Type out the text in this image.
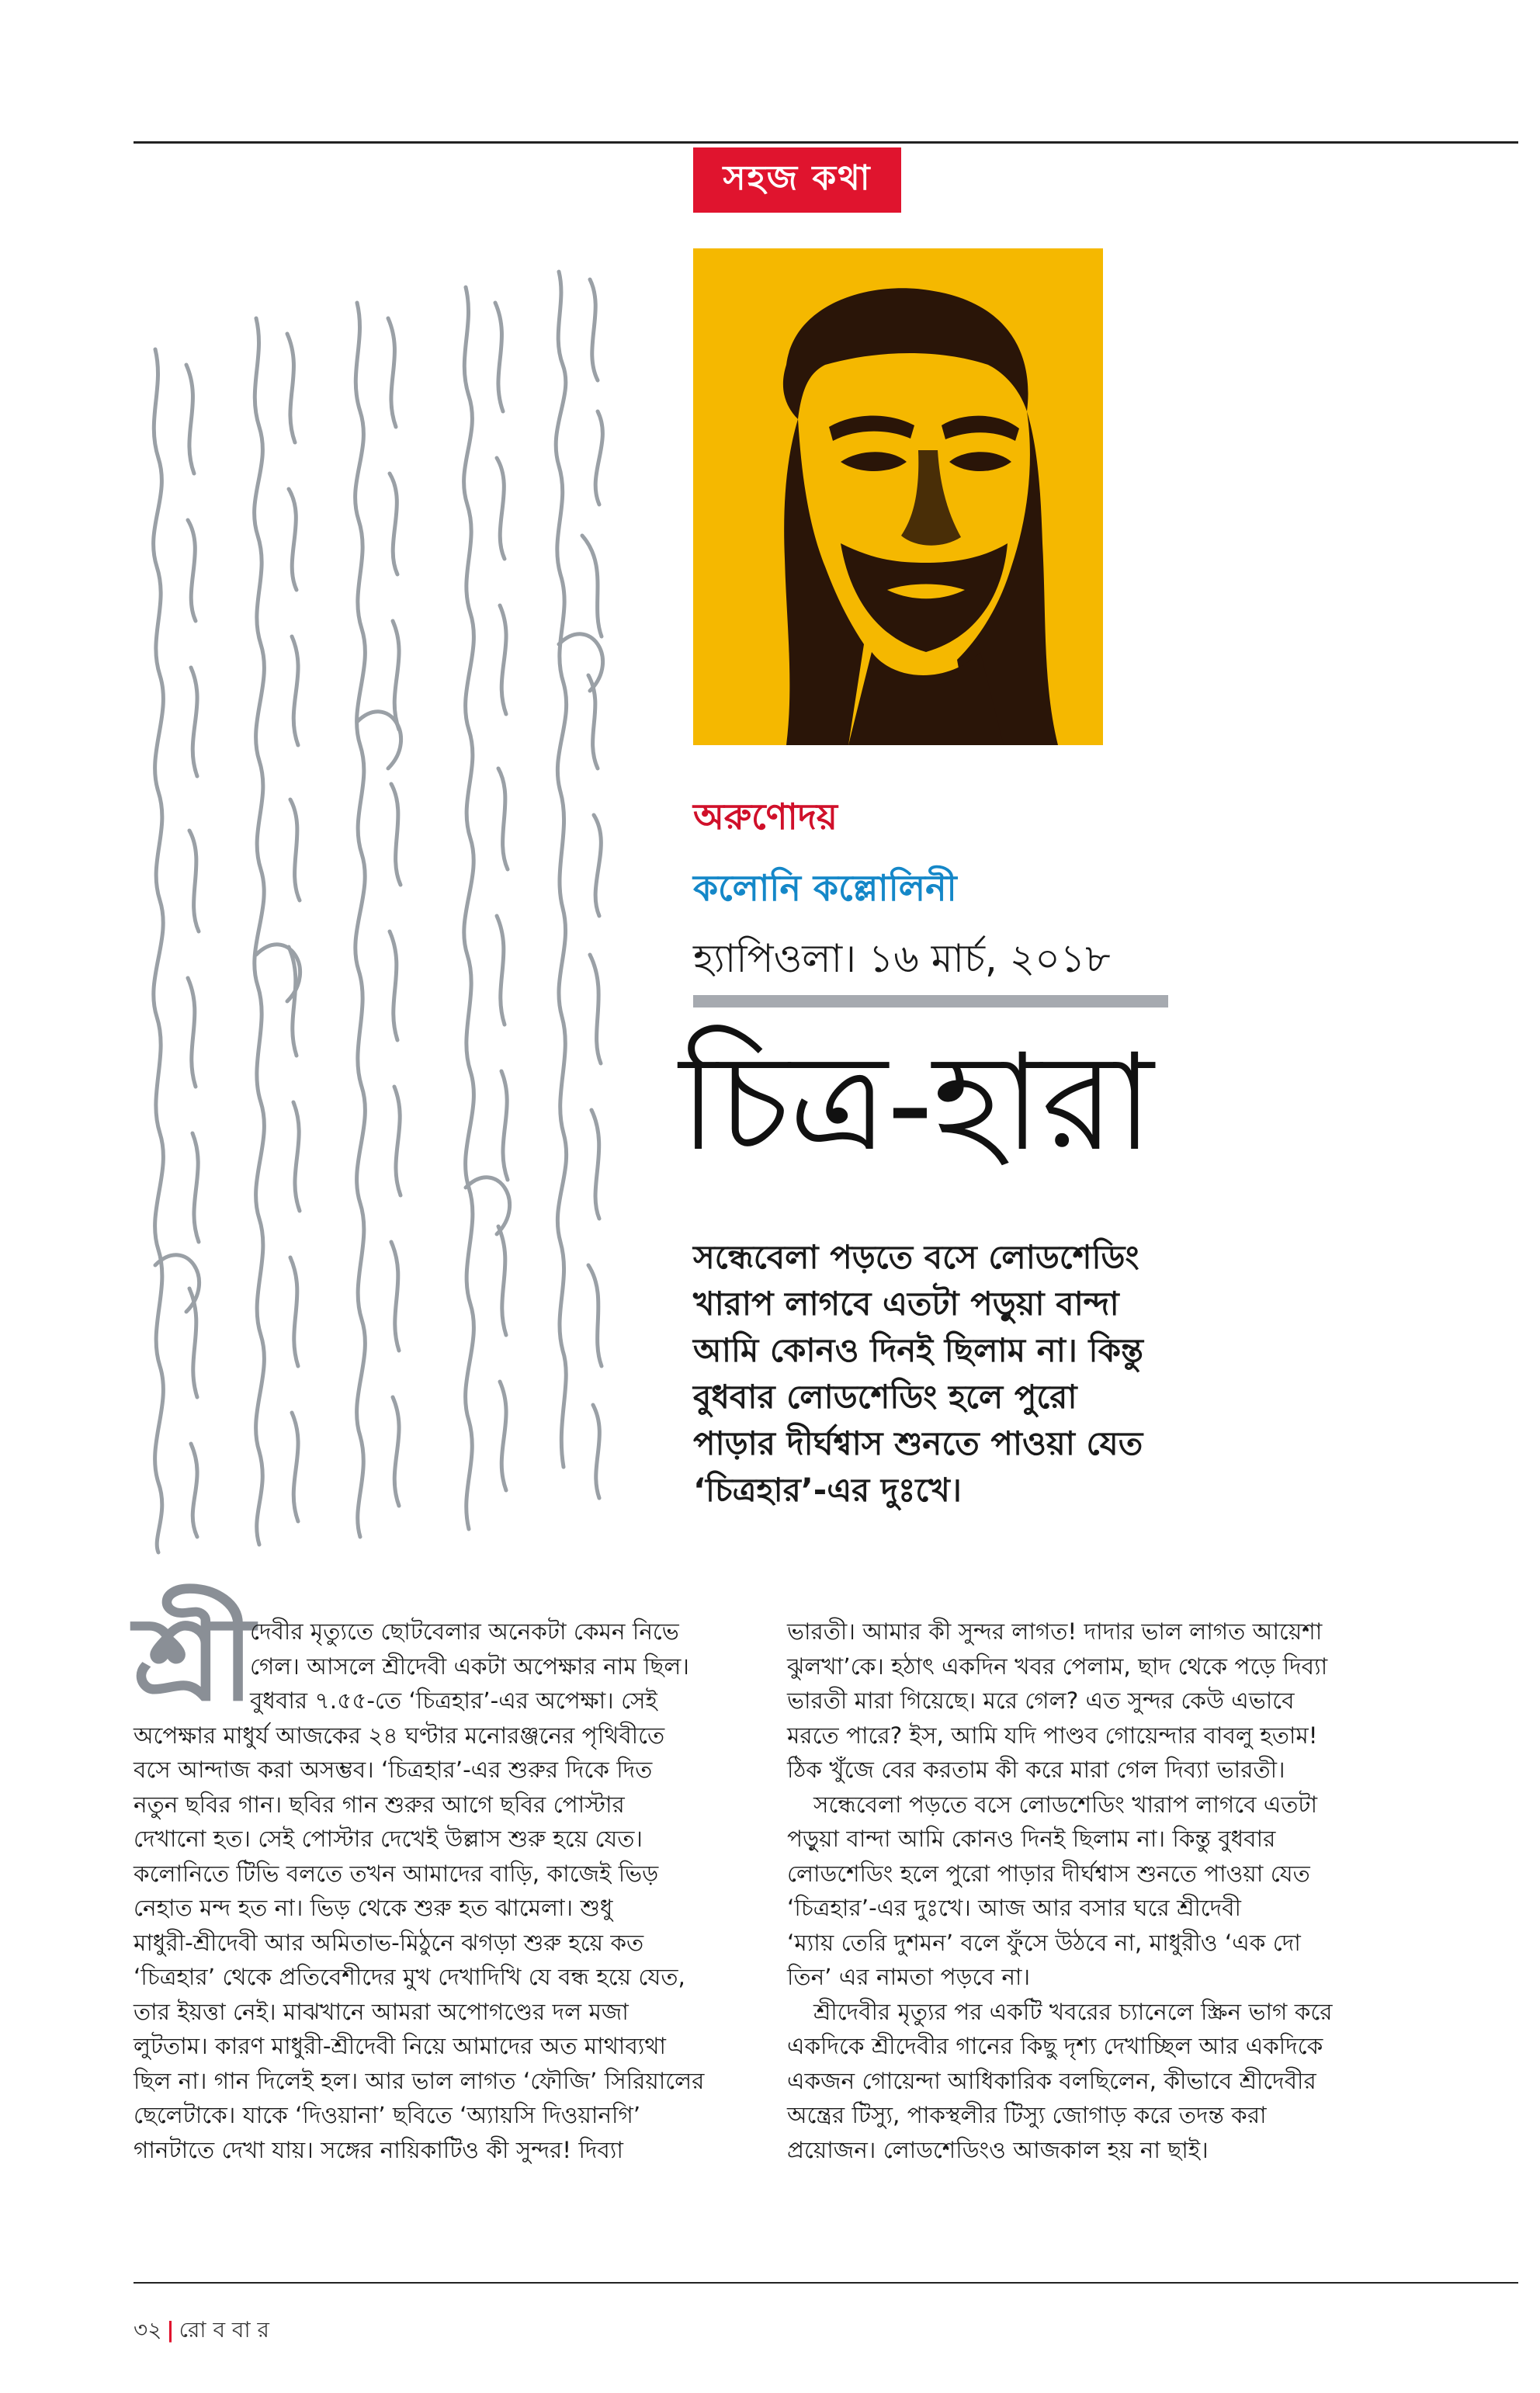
সহজ কথা
অরুণোদয়
কলোনি কল্লোলিনী
হ্যাপিওলা। ১৬ মার্চ, ২০১৮
চিত্র-হারা
সন্ধেবেলা পড়তে বসে লোডশেডিং
খারাপ লাগবে এতটা পড়ুয়া বান্দা
আমি কোনও দিনই ছিলাম না। কিন্তু
বুধবার লোডশেডিং হলে পুরো
পাড়ার দীর্ঘশ্বাস শুনতে পাওয়া যেত
‘চিত্রহার’-এর দুঃখে।
শ্রী
দেবীর মৃত্যুতে ছোটবেলার অনেকটা কেমন নিভে
গেল। আসলে শ্রীদেবী একটা অপেক্ষার নাম ছিল।
বুধবার ৭.৫৫-তে ‘চিত্রহার’-এর অপেক্ষা। সেই
অপেক্ষার মাধুর্য আজকের ২৪ ঘণ্টার মনোরঞ্জনের পৃথিবীতে
বসে আন্দাজ করা অসম্ভব। ‘চিত্রহার’-এর শুরুর দিকে দিত
নতুন ছবির গান। ছবির গান শুরুর আগে ছবির পোস্টার
দেখানো হত। সেই পোস্টার দেখেই উল্লাস শুরু হয়ে যেত।
কলোনিতে টিভি বলতে তখন আমাদের বাড়ি, কাজেই ভিড়
নেহাত মন্দ হত না। ভিড় থেকে শুরু হত ঝামেলা। শুধু
মাধুরী-শ্রীদেবী আর অমিতাভ-মিঠুনে ঝগড়া শুরু হয়ে কত
‘চিত্রহার’ থেকে প্রতিবেশীদের মুখ দেখাদিখি যে বন্ধ হয়ে যেত,
তার ইয়ত্তা নেই। মাঝখানে আমরা অপোগণ্ডের দল মজা
লুটতাম। কারণ মাধুরী-শ্রীদেবী নিয়ে আমাদের অত মাথাব্যথা
ছিল না। গান দিলেই হল। আর ভাল লাগত ‘ফৌজি’ সিরিয়ালের
ছেলেটাকে। যাকে ‘দিওয়ানা’ ছবিতে ‘অ্যায়সি দিওয়ানগি’
গানটাতে দেখা যায়। সঙ্গের নায়িকাটিও কী সুন্দর! দিব্যা
ভারতী। আমার কী সুন্দর লাগত! দাদার ভাল লাগত আয়েশা
ঝুলখা’কে। হঠাৎ একদিন খবর পেলাম, ছাদ থেকে পড়ে দিব্যা
ভারতী মারা গিয়েছে। মরে গেল? এত সুন্দর কেউ এভাবে
মরতে পারে? ইস, আমি যদি পাণ্ডব গোয়েন্দার বাবলু হতাম!
ঠিক খুঁজে বের করতাম কী করে মারা গেল দিব্যা ভারতী।
সন্ধেবেলা পড়তে বসে লোডশেডিং খারাপ লাগবে এতটা
পড়ুয়া বান্দা আমি কোনও দিনই ছিলাম না। কিন্তু বুধবার
লোডশেডিং হলে পুরো পাড়ার দীর্ঘশ্বাস শুনতে পাওয়া যেত
‘চিত্রহার’-এর দুঃখে। আজ আর বসার ঘরে শ্রীদেবী
‘ম্যায় তেরি দুশমন’ বলে ফুঁসে উঠবে না, মাধুরীও ‘এক দো
তিন’ এর নামতা পড়বে না।
শ্রীদেবীর মৃত্যুর পর একটি খবরের চ্যানেলে স্ক্রিন ভাগ করে
একদিকে শ্রীদেবীর গানের কিছু দৃশ্য দেখাচ্ছিল আর একদিকে
একজন গোয়েন্দা আধিকারিক বলছিলেন, কীভাবে শ্রীদেবীর
অন্ত্রের টিস্যু, পাকস্থলীর টিস্যু জোগাড় করে তদন্ত করা
প্রয়োজন। লোডশেডিংও আজকাল হয় না ছাই।
৩২ | রো ব বা র
